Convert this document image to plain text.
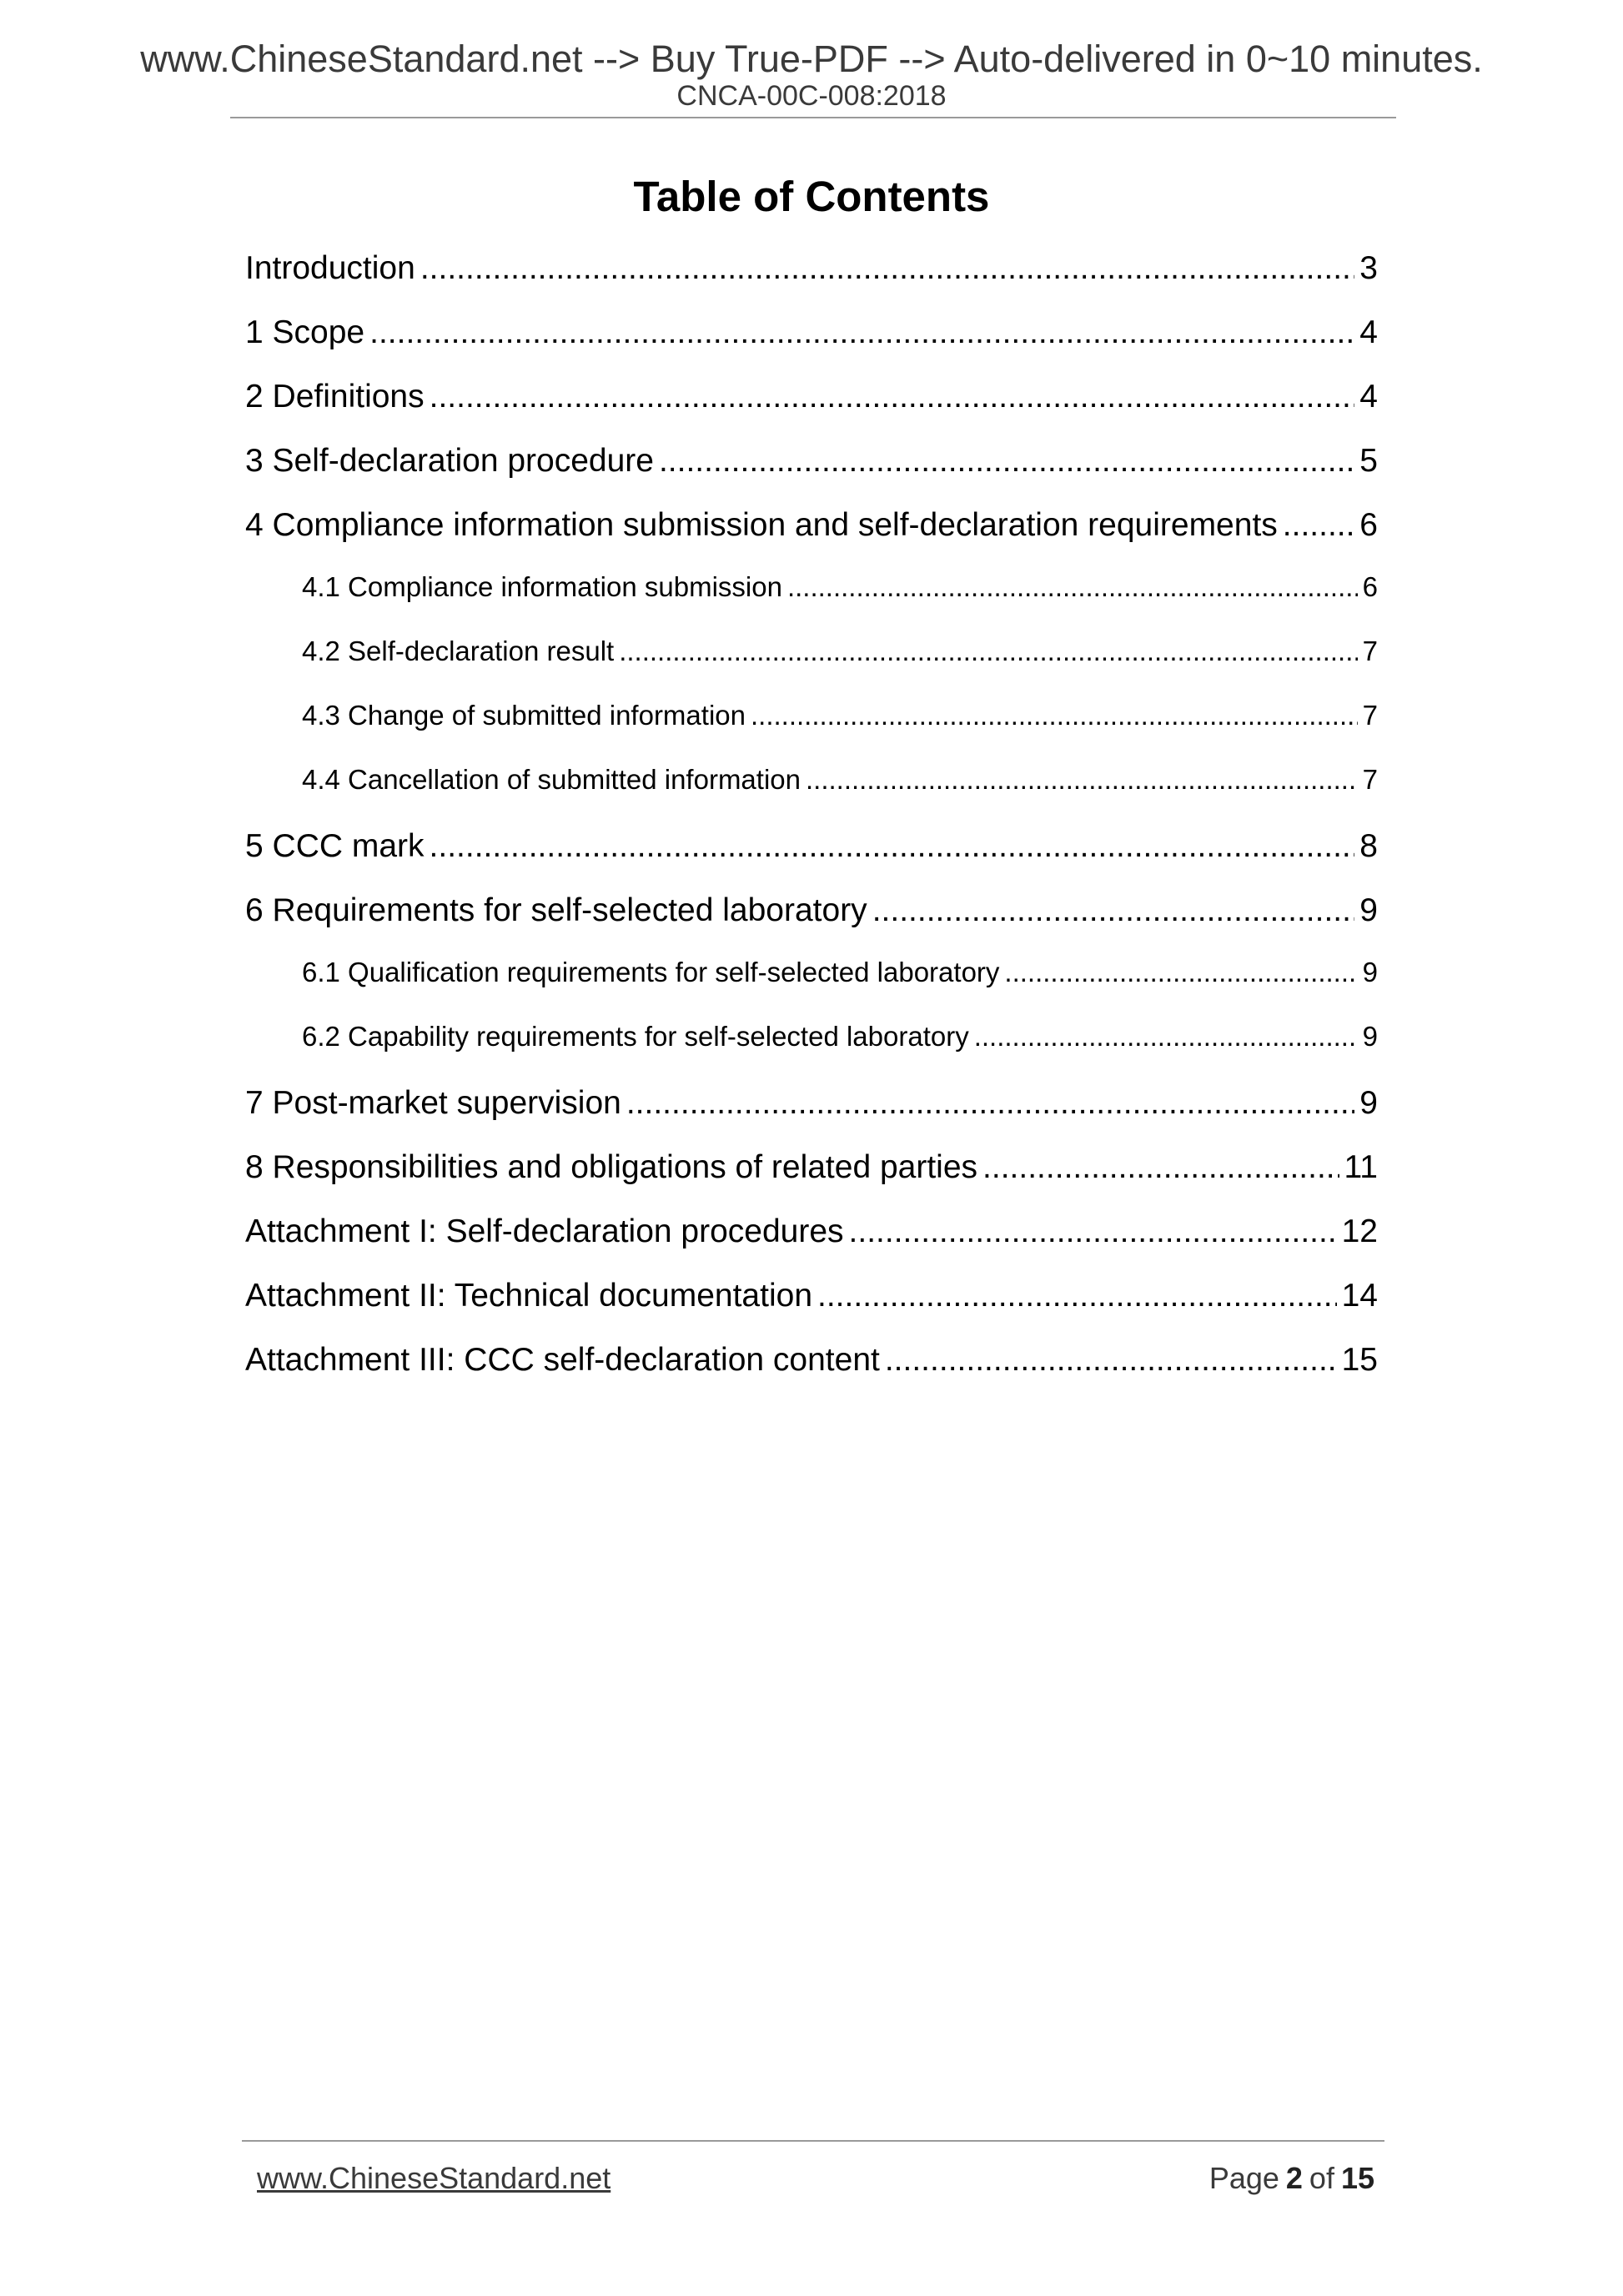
www.ChineseStandard.net --> Buy True-PDF --> Auto-delivered in 0~10 minutes.
CNCA-00C-008:2018
Table of Contents
Introduction .....	3
1 Scope .....	4
2 Definitions .....	4
3 Self-declaration procedure .....	5
4 Compliance information submission and self-declaration requirements .....	6
4.1 Compliance information submission .....	6
4.2 Self-declaration result .....	7
4.3 Change of submitted information .....	7
4.4 Cancellation of submitted information .....	7
5 CCC mark .....	8
6 Requirements for self-selected laboratory .....	9
6.1 Qualification requirements for self-selected laboratory .....	9
6.2 Capability requirements for self-selected laboratory .....	9
7 Post-market supervision .....	9
8 Responsibilities and obligations of related parties .....	11
Attachment I: Self-declaration procedures .....	12
Attachment II: Technical documentation .....	14
Attachment III: CCC self-declaration content .....	15
www.ChineseStandard.net	Page 2 of 15
